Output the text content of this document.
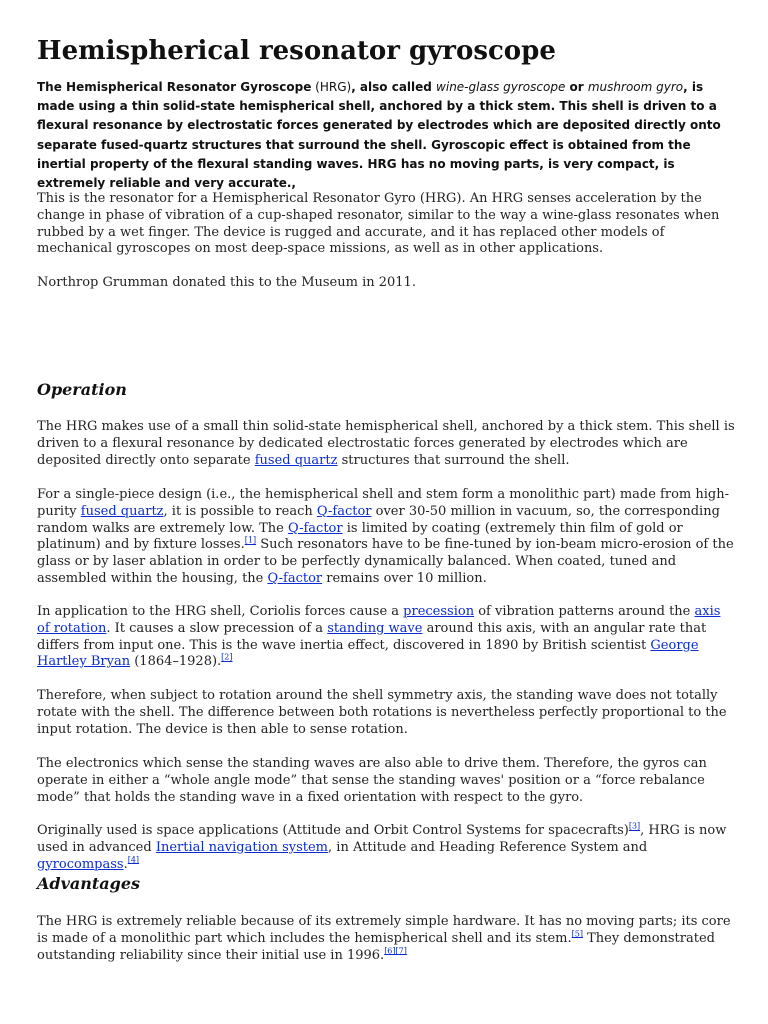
Hemispherical resonator gyroscope

The Hemispherical Resonator Gyroscope (HRG), also called wine-glass gyroscope or mushroom gyro, is made using a thin solid-state hemispherical shell, anchored by a thick stem. This shell is driven to a flexural resonance by electrostatic forces generated by electrodes which are deposited directly onto separate fused-quartz structures that surround the shell. Gyroscopic effect is obtained from the inertial property of the flexural standing waves. HRG has no moving parts, is very compact, is extremely reliable and very accurate.,

This is the resonator for a Hemispherical Resonator Gyro (HRG). An HRG senses acceleration by the change in phase of vibration of a cup-shaped resonator, similar to the way a wine-glass resonates when rubbed by a wet finger. The device is rugged and accurate, and it has replaced other models of mechanical gyroscopes on most deep-space missions, as well as in other applications.

Northrop Grumman donated this to the Museum in 2011.

Operation

The HRG makes use of a small thin solid-state hemispherical shell, anchored by a thick stem. This shell is driven to a flexural resonance by dedicated electrostatic forces generated by electrodes which are deposited directly onto separate fused quartz structures that surround the shell.

For a single-piece design (i.e., the hemispherical shell and stem form a monolithic part) made from high-purity fused quartz, it is possible to reach Q-factor over 30-50 million in vacuum, so, the corresponding random walks are extremely low. The Q-factor is limited by coating (extremely thin film of gold or platinum) and by fixture losses.[1] Such resonators have to be fine-tuned by ion-beam micro-erosion of the glass or by laser ablation in order to be perfectly dynamically balanced. When coated, tuned and assembled within the housing, the Q-factor remains over 10 million.

In application to the HRG shell, Coriolis forces cause a precession of vibration patterns around the axis of rotation. It causes a slow precession of a standing wave around this axis, with an angular rate that differs from input one. This is the wave inertia effect, discovered in 1890 by British scientist George Hartley Bryan (1864–1928).[2]

Therefore, when subject to rotation around the shell symmetry axis, the standing wave does not totally rotate with the shell. The difference between both rotations is nevertheless perfectly proportional to the input rotation. The device is then able to sense rotation.

The electronics which sense the standing waves are also able to drive them. Therefore, the gyros can operate in either a “whole angle mode” that sense the standing waves' position or a “force rebalance mode” that holds the standing wave in a fixed orientation with respect to the gyro.

Originally used is space applications (Attitude and Orbit Control Systems for spacecrafts)[3], HRG is now used in advanced Inertial navigation system, in Attitude and Heading Reference System and gyrocompass.[4]

Advantages

The HRG is extremely reliable because of its extremely simple hardware. It has no moving parts; its core is made of a monolithic part which includes the hemispherical shell and its stem.[5] They demonstrated outstanding reliability since their initial use in 1996.[6][7]
